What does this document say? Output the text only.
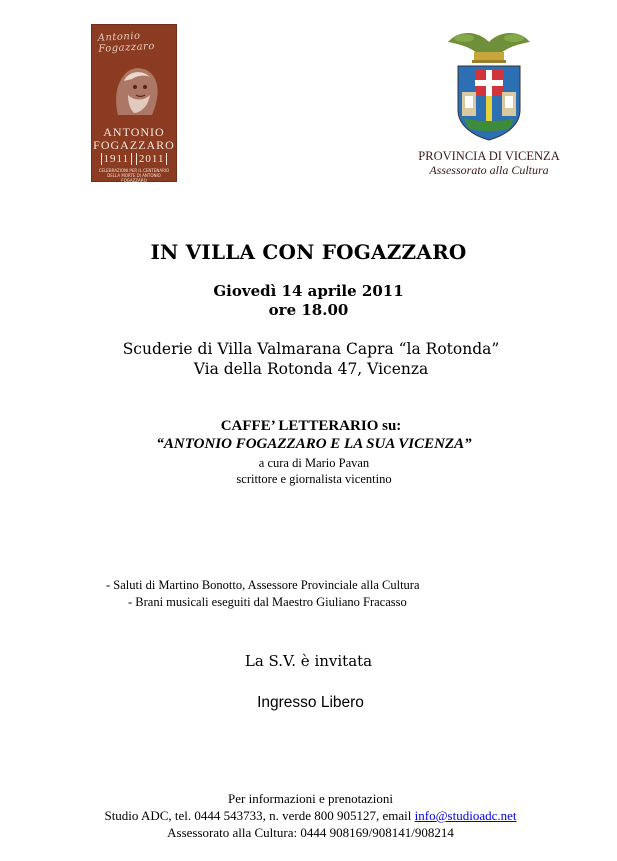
Antonio Fogazzaro
ANTONIO
FOGAZZARO
1911 2011
CELEBRAZIONI PER IL CENTENARIO DELLA MORTE DI ANTONIO FOGAZZARO
PROVINCIA DI VICENZA
Assessorato alla Cultura
IN VILLA CON FOGAZZARO
Giovedì 14 aprile 2011
ore 18.00
Scuderie di Villa Valmarana Capra “la Rotonda”
Via della Rotonda 47, Vicenza
CAFFE’ LETTERARIO su:
“ANTONIO FOGAZZARO E LA SUA VICENZA”
a cura di Mario Pavan
scrittore e giornalista vicentino
- Saluti di Martino Bonotto, Assessore Provinciale alla Cultura
- Brani musicali eseguiti dal Maestro Giuliano Fracasso
La S.V. è invitata
Ingresso Libero
Per informazioni e prenotazioni
Studio ADC, tel. 0444 543733, n. verde 800 905127, email info@studioadc.net
Assessorato alla Cultura: 0444 908169/908141/908214
